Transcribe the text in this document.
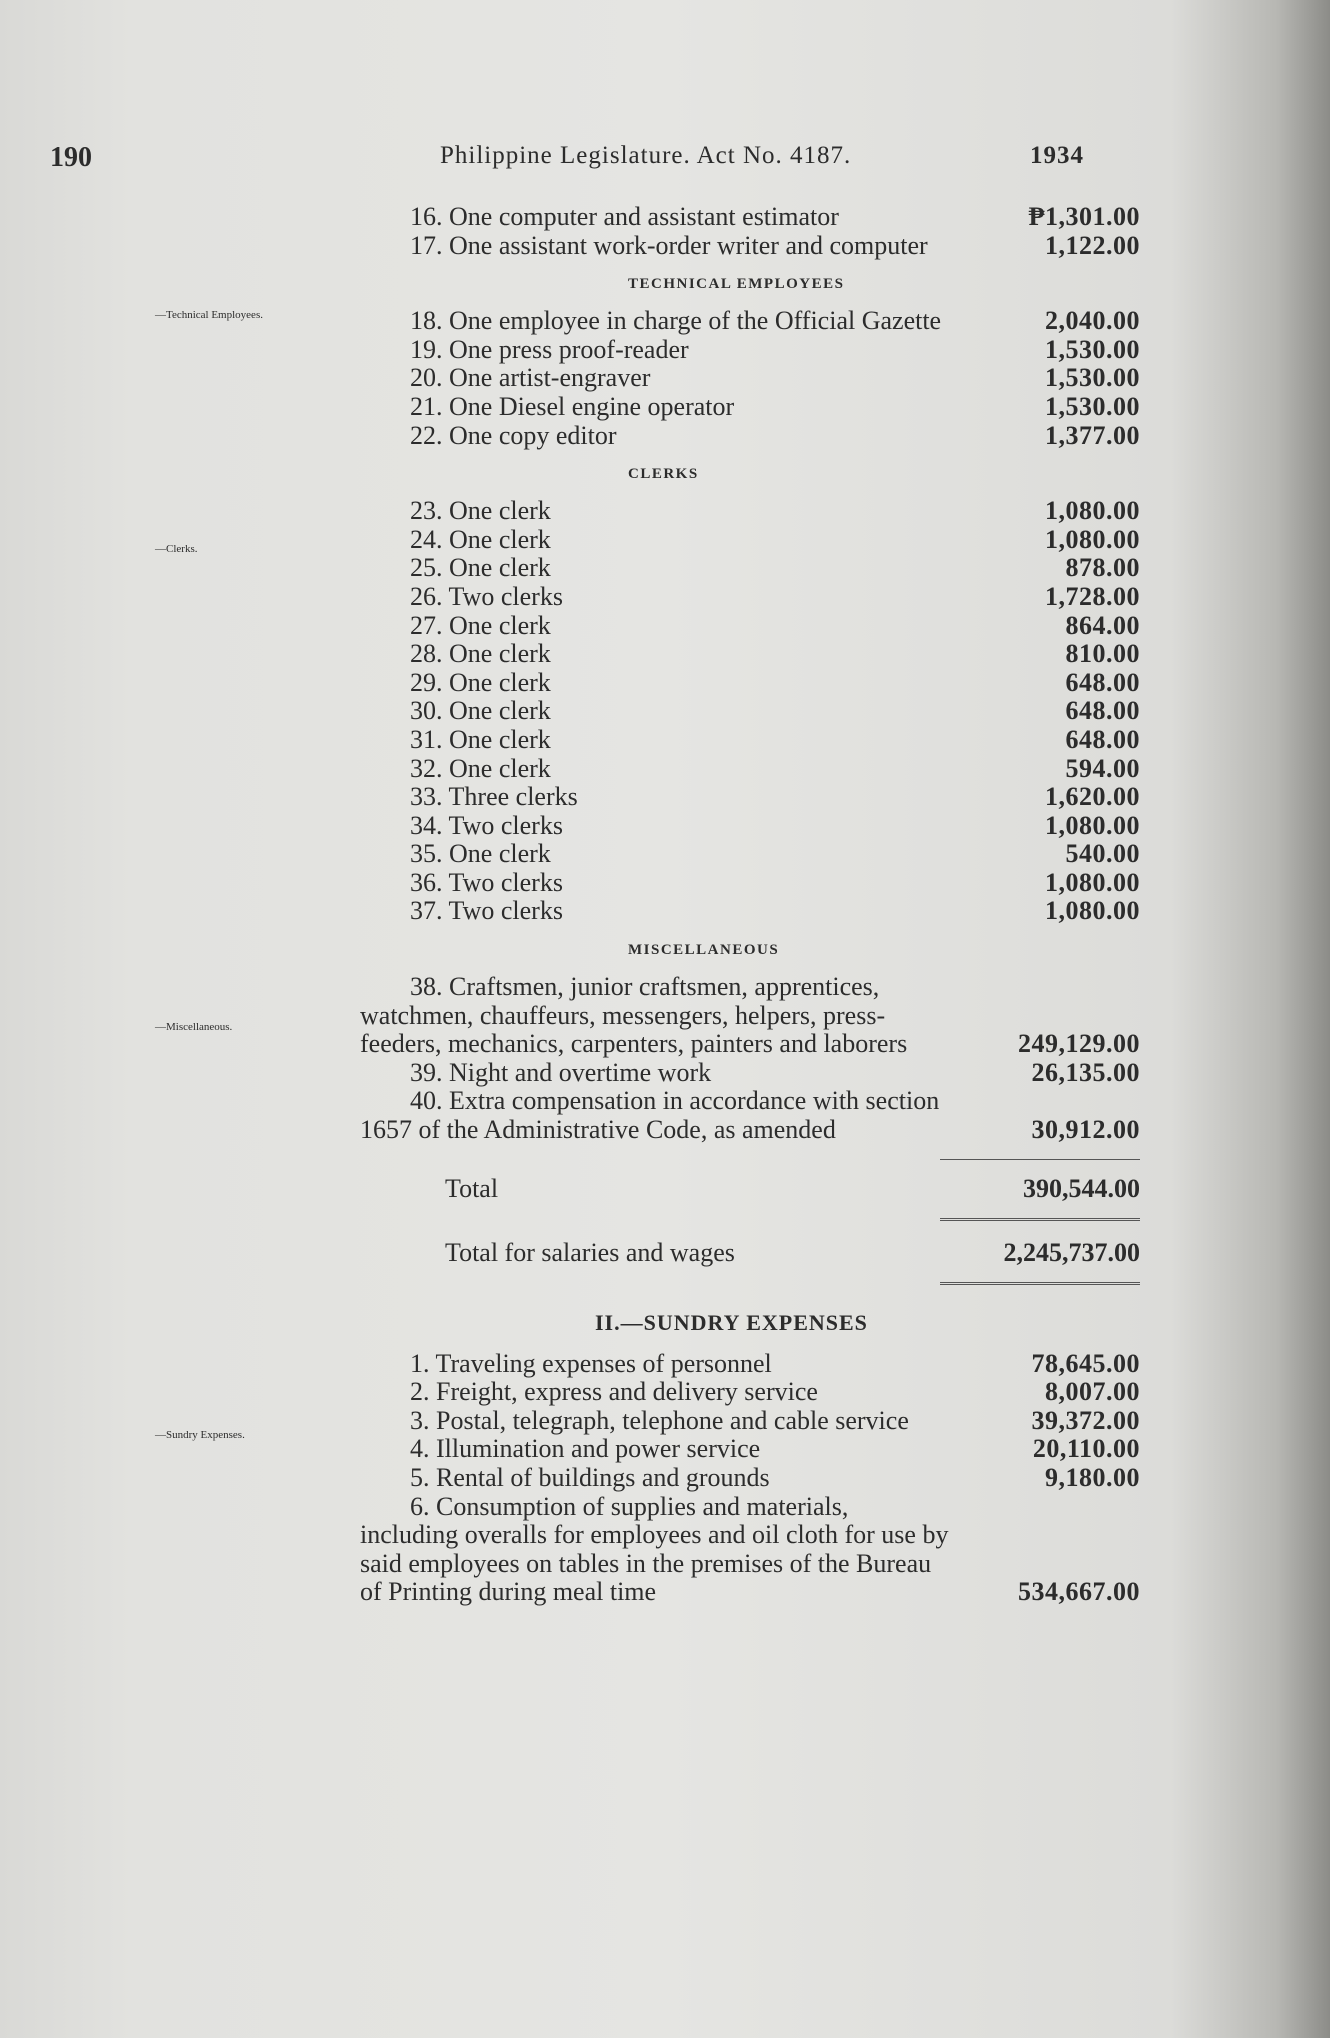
190	Philippine Legislature. Act No. 4187.	1934
—Technical Employees.
—Clerks.
—Miscellaneous.
—Sundry Expenses.
16. One computer and assistant estimator	₱1,301.00
17. One assistant work-order writer and computer	1,122.00
TECHNICAL EMPLOYEES
18. One employee in charge of the Official Gazette	2,040.00
19. One press proof-reader	1,530.00
20. One artist-engraver	1,530.00
21. One Diesel engine operator	1,530.00
22. One copy editor	1,377.00
CLERKS
23. One clerk	1,080.00
24. One clerk	1,080.00
25. One clerk	878.00
26. Two clerks	1,728.00
27. One clerk	864.00
28. One clerk	810.00
29. One clerk	648.00
30. One clerk	648.00
31. One clerk	648.00
32. One clerk	594.00
33. Three clerks	1,620.00
34. Two clerks	1,080.00
35. One clerk	540.00
36. Two clerks	1,080.00
37. Two clerks	1,080.00
MISCELLANEOUS
38. Craftsmen, junior craftsmen, apprentices, watchmen, chauffeurs, messengers, helpers, press-feeders, mechanics, carpenters, painters and laborers	249,129.00
39. Night and overtime work	26,135.00
40. Extra compensation in accordance with section 1657 of the Administrative Code, as amended	30,912.00
Total	390,544.00
Total for salaries and wages	2,245,737.00
II.—SUNDRY EXPENSES
1. Traveling expenses of personnel	78,645.00
2. Freight, express and delivery service	8,007.00
3. Postal, telegraph, telephone and cable service	39,372.00
4. Illumination and power service	20,110.00
5. Rental of buildings and grounds	9,180.00
6. Consumption of supplies and materials, including overalls for employees and oil cloth for use by said employees on tables in the premises of the Bureau of Printing during meal time	534,667.00
